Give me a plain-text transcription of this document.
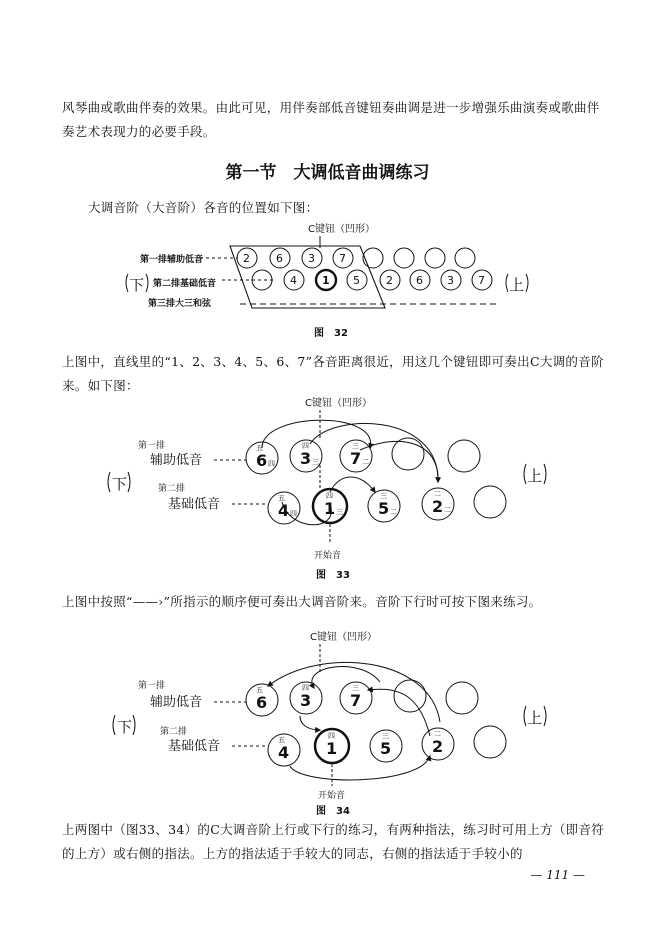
风琴曲或歌曲伴奏的效果。由此可见，用伴奏部低音键钮奏曲调是进一步增强乐曲演奏或歌曲伴奏艺术表现力的必要手段。

第一节　大调低音曲调练习

大调音阶（大音阶）各音的位置如下图：

C键钮（凹形）
第一排辅助低音
第二排基础低音
第三排大三和弦
2 6 3 7
4 1 5 2 6 3 7
下	上
图　32

上图中，直线里的“1、2、3、4、5、6、7”各音距离很近，用这几个键钮即可奏出C大调的音阶来。如下图：

C键钮（凹形）
第一排
辅助低音
第二排
基础低音
6
五
四 3
四
三 7
三
二
4
五
四 1
四
三 5
三
二 2
二
二
开始音
下	上
图　33

上图中按照“——›”所指示的顺序便可奏出大调音阶来。音阶下行时可按下图来练习。

C键钮（凹形）
第一排
辅助低音
第二排
基础低音
6
五
3
四
7
三
4
五	1
四
5
三
2
二
开始音
下	上
图　34

上两图中（图33、34）的C大调音阶上行或下行的练习，有两种指法，练习时可用上方（即音符的上方）或右侧的指法。上方的指法适于手较大的同志，右侧的指法适于手较小的

— 111 —
